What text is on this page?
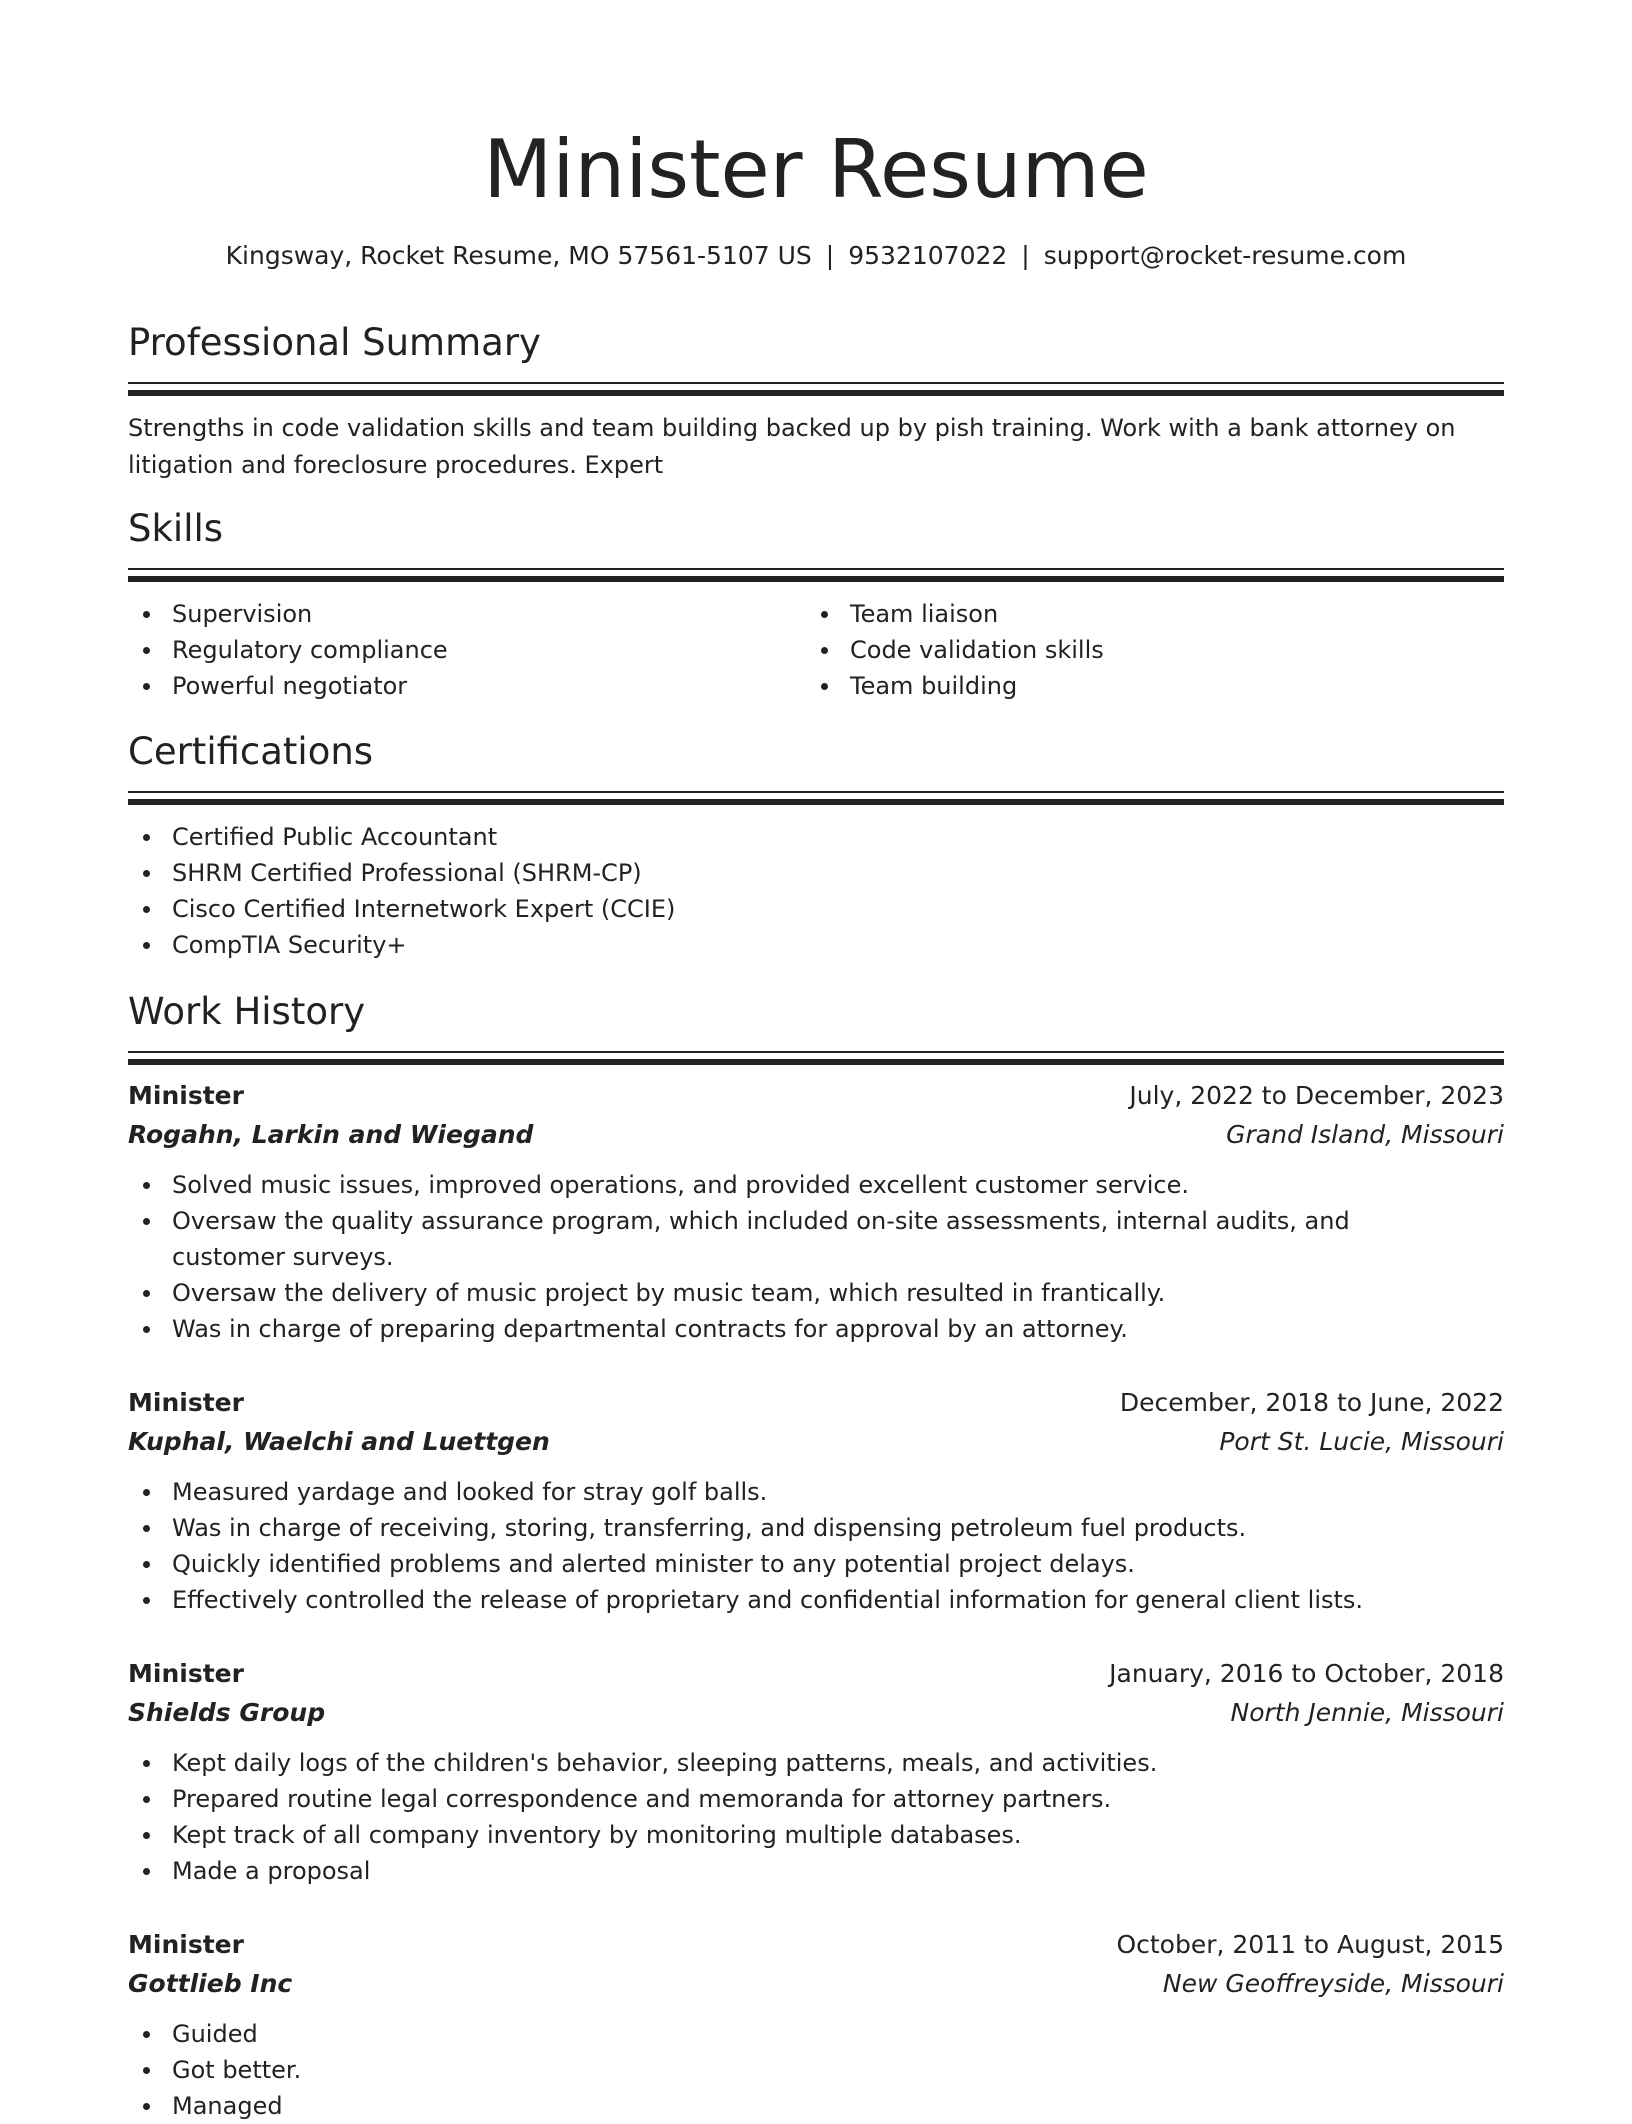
Minister Resume
Kingsway, Rocket Resume, MO 57561-5107 US | 9532107022 | support@rocket-resume.com
Professional Summary
Strengths in code validation skills and team building backed up by pish training. Work with a bank attorney on litigation and foreclosure procedures. Expert
Skills
Supervision
Regulatory compliance
Powerful negotiator
Team liaison
Code validation skills
Team building
Certifications
Certified Public Accountant
SHRM Certified Professional (SHRM-CP)
Cisco Certified Internetwork Expert (CCIE)
CompTIA Security+
Work History
Minister	July, 2022 to December, 2023
Rogahn, Larkin and Wiegand	Grand Island, Missouri
Solved music issues, improved operations, and provided excellent customer service.
Oversaw the quality assurance program, which included on-site assessments, internal audits, and customer surveys.
Oversaw the delivery of music project by music team, which resulted in frantically.
Was in charge of preparing departmental contracts for approval by an attorney.
Minister	December, 2018 to June, 2022
Kuphal, Waelchi and Luettgen	Port St. Lucie, Missouri
Measured yardage and looked for stray golf balls.
Was in charge of receiving, storing, transferring, and dispensing petroleum fuel products.
Quickly identified problems and alerted minister to any potential project delays.
Effectively controlled the release of proprietary and confidential information for general client lists.
Minister	January, 2016 to October, 2018
Shields Group	North Jennie, Missouri
Kept daily logs of the children's behavior, sleeping patterns, meals, and activities.
Prepared routine legal correspondence and memoranda for attorney partners.
Kept track of all company inventory by monitoring multiple databases.
Made a proposal
Minister	October, 2011 to August, 2015
Gottlieb Inc	New Geoffreyside, Missouri
Guided
Got better.
Managed
